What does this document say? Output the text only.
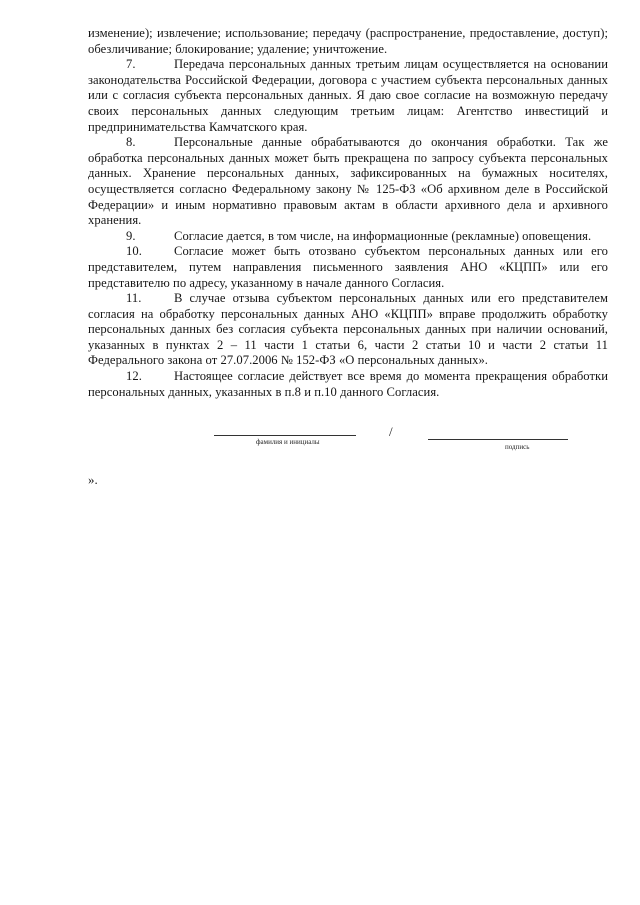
изменение); извлечение; использование; передачу (распространение, предоставление, доступ); обезличивание; блокирование; удаление; уничтожение.

7.	Передача персональных данных третьим лицам осуществляется на основании законодательства Российской Федерации, договора с участием субъекта персональных данных или с согласия субъекта персональных данных. Я даю свое согласие на возможную передачу своих персональных данных следующим третьим лицам: Агентство инвестиций и предпринимательства Камчатского края.

8.	Персональные данные обрабатываются до окончания обработки. Так же обработка персональных данных может быть прекращена по запросу субъекта персональных данных. Хранение персональных данных, зафиксированных на бумажных носителях, осуществляется согласно Федеральному закону № 125-ФЗ «Об архивном деле в Российской Федерации» и иным нормативно правовым актам в области архивного дела и архивного хранения.

9.	Согласие дается, в том числе, на информационные (рекламные) оповещения.

10.	Согласие может быть отозвано субъектом персональных данных или его представителем, путем направления письменного заявления АНО «КЦПП» или его представителю по адресу, указанному в начале данного Согласия.

11.	В случае отзыва субъектом персональных данных или его представителем согласия на обработку персональных данных АНО «КЦПП» вправе продолжить обработку персональных данных без согласия субъекта персональных данных при наличии оснований, указанных в пунктах 2 – 11 части 1 статьи 6, части 2 статьи 10 и части 2 статьи 11 Федерального закона от 27.07.2006 № 152-ФЗ «О персональных данных».

12.	Настоящее согласие действует все время до момента прекращения обработки персональных данных, указанных в п.8 и п.10 данного Согласия.

фамилия и инициалы
/
подпись
».
